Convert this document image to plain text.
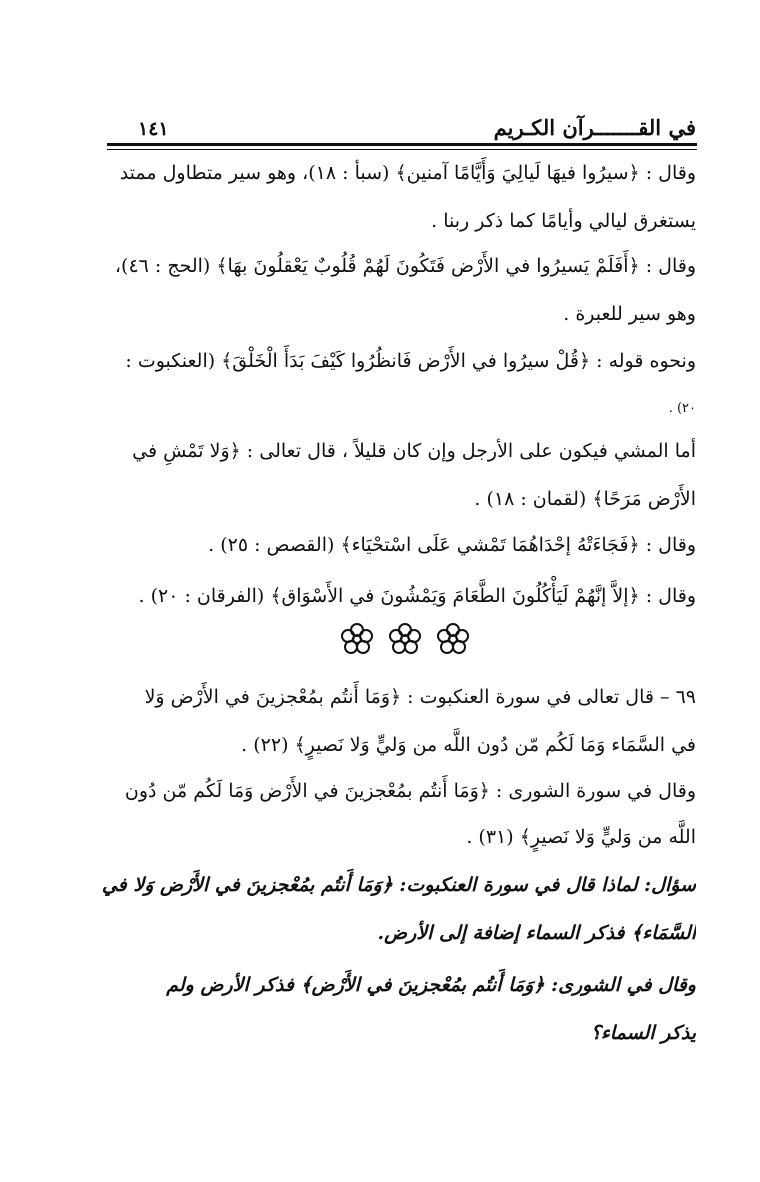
في القـــــــرآن الكـريم
١٤١
وقال : ﴿سيرُوا فيهَا لَيالِيَ وَأَيَّامًا آمنين﴾ (سبأ : ١٨)، وهو سير متطاول ممتد
يستغرق ليالي وأيامًا كما ذكر ربنا .
وقال : ﴿أَفَلَمْ يَسيرُوا في الأَرْض فَتَكُونَ لَهُمْ قُلُوبٌ يَعْقلُونَ بهَا﴾ (الحج : ٤٦)،
وهو سير للعبرة .
ونحوه قوله : ﴿قُلْ سيرُوا في الأَرْض فَانظُرُوا كَيْفَ بَدَأَ الْخَلْقَ﴾ (العنكبوت :
٢٠) .
أما المشي فيكون على الأرجل وإن كان قليلاً ، قال تعالى : ﴿وَلا تَمْشِ في
الأَرْض مَرَحًا﴾ (لقمان : ١٨) .
وقال : ﴿فَجَاءَتْهُ إحْدَاهُمَا تَمْشي عَلَى اسْتحْيَاء﴾ (القصص : ٢٥) .
وقال : ﴿إلاَّ إنَّهُمْ لَيَأْكُلُونَ الطَّعَامَ وَيَمْشُونَ في الأَسْوَاق﴾ (الفرقان : ٢٠) .
٦٩ – قال تعالى في سورة العنكبوت : ﴿وَمَا أَنتُم بمُعْجزينَ في الأَرْض وَلا
في السَّمَاء وَمَا لَكُم مّن دُون اللَّه من وَليٍّ وَلا نَصيرٍ﴾ (٢٢) .
وقال في سورة الشورى : ﴿وَمَا أَنتُم بمُعْجزينَ في الأَرْض وَمَا لَكُم مّن دُون
اللَّه من وَليٍّ وَلا نَصيرٍ﴾ (٣١) .
سؤال: لماذا قال في سورة العنكبوت: ﴿وَمَا أَنتُم بمُعْجزينَ في الأَرْض وَلا في
السَّمَاء﴾ فذكر السماء إضافة إلى الأرض.
وقال في الشورى: ﴿وَمَا أَنتُم بمُعْجزينَ في الأَرْض﴾ فذكر الأرض ولم
يذكر السماء؟
